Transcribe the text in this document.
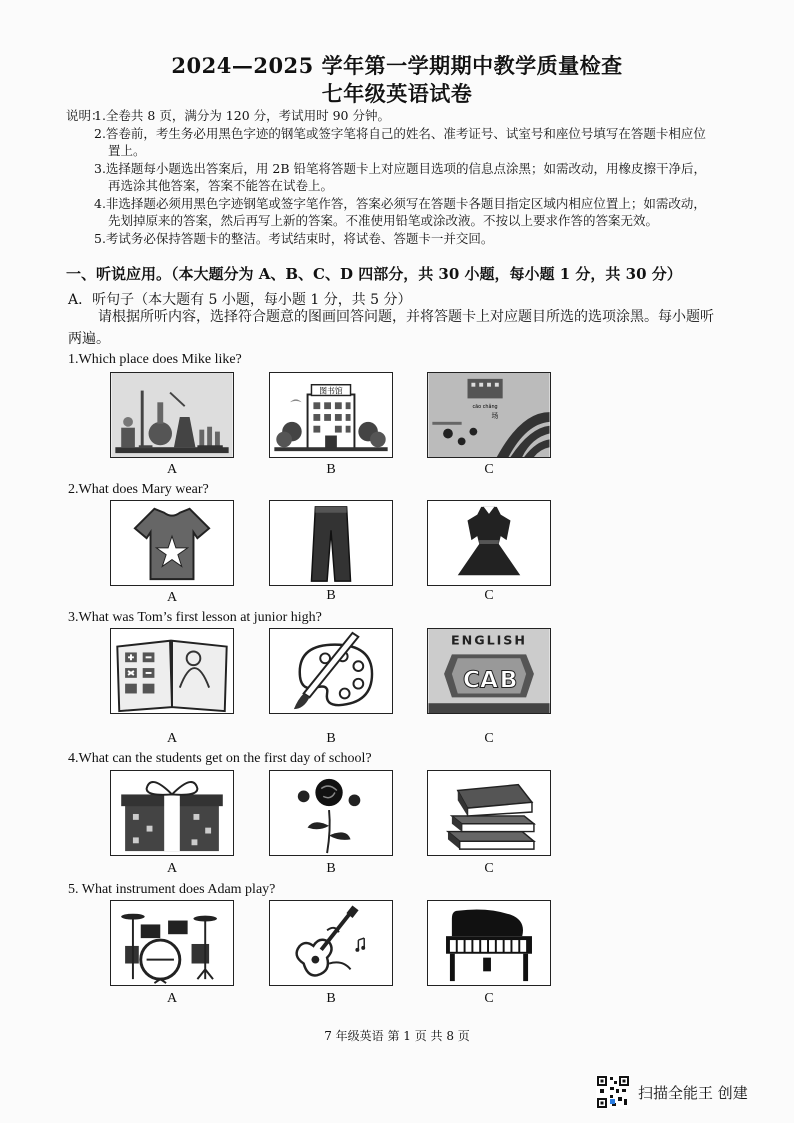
2024—2025 学年第一学期期中教学质量检查
七年级英语试卷
说明：
1.全卷共 8 页，满分为 120 分，考试用时 90 分钟。
2.答卷前，考生务必用黑色字迹的钢笔或签字笔将自己的姓名、准考证号、试室号和座位号填写在答题卡相应位置上。
3.选择题每小题选出答案后，用 2B 铅笔将答题卡上对应题目选项的信息点涂黑；如需改动，用橡皮擦干净后，再选涂其他答案，答案不能答在试卷上。
4.非选择题必须用黑色字迹钢笔或签字笔作答，答案必须写在答题卡各题目指定区域内相应位置上；如需改动，先划掉原来的答案，然后再写上新的答案。不准使用铅笔或涂改液。不按以上要求作答的答案无效。
5.考试务必保持答题卡的整洁。考试结束时，将试卷、答题卡一并交回。
一、听说应用。（本大题分为 A、B、C、D 四部分，共 30 小题，每小题 1 分，共 30 分）
A．听句子（本大题有 5 小题，每小题 1 分，共 5 分）
请根据所听内容，选择符合题意的图画回答问题，并将答题卡上对应题目所选的选项涂黑。每小题听两遍。
1.Which place does Mike like?
图书馆
cāo chǎng
场
A	B	C
2.What does Mary wear?
A	B	C
3.What was Tom’s first lesson at junior high?
ENGLISH
C A B
A	B	C
4.What can the students get on the first day of school?
A	B	C
5. What instrument does Adam play?
A	B	C
7 年级英语 第 1 页 共 8 页
扫描全能王 创建
